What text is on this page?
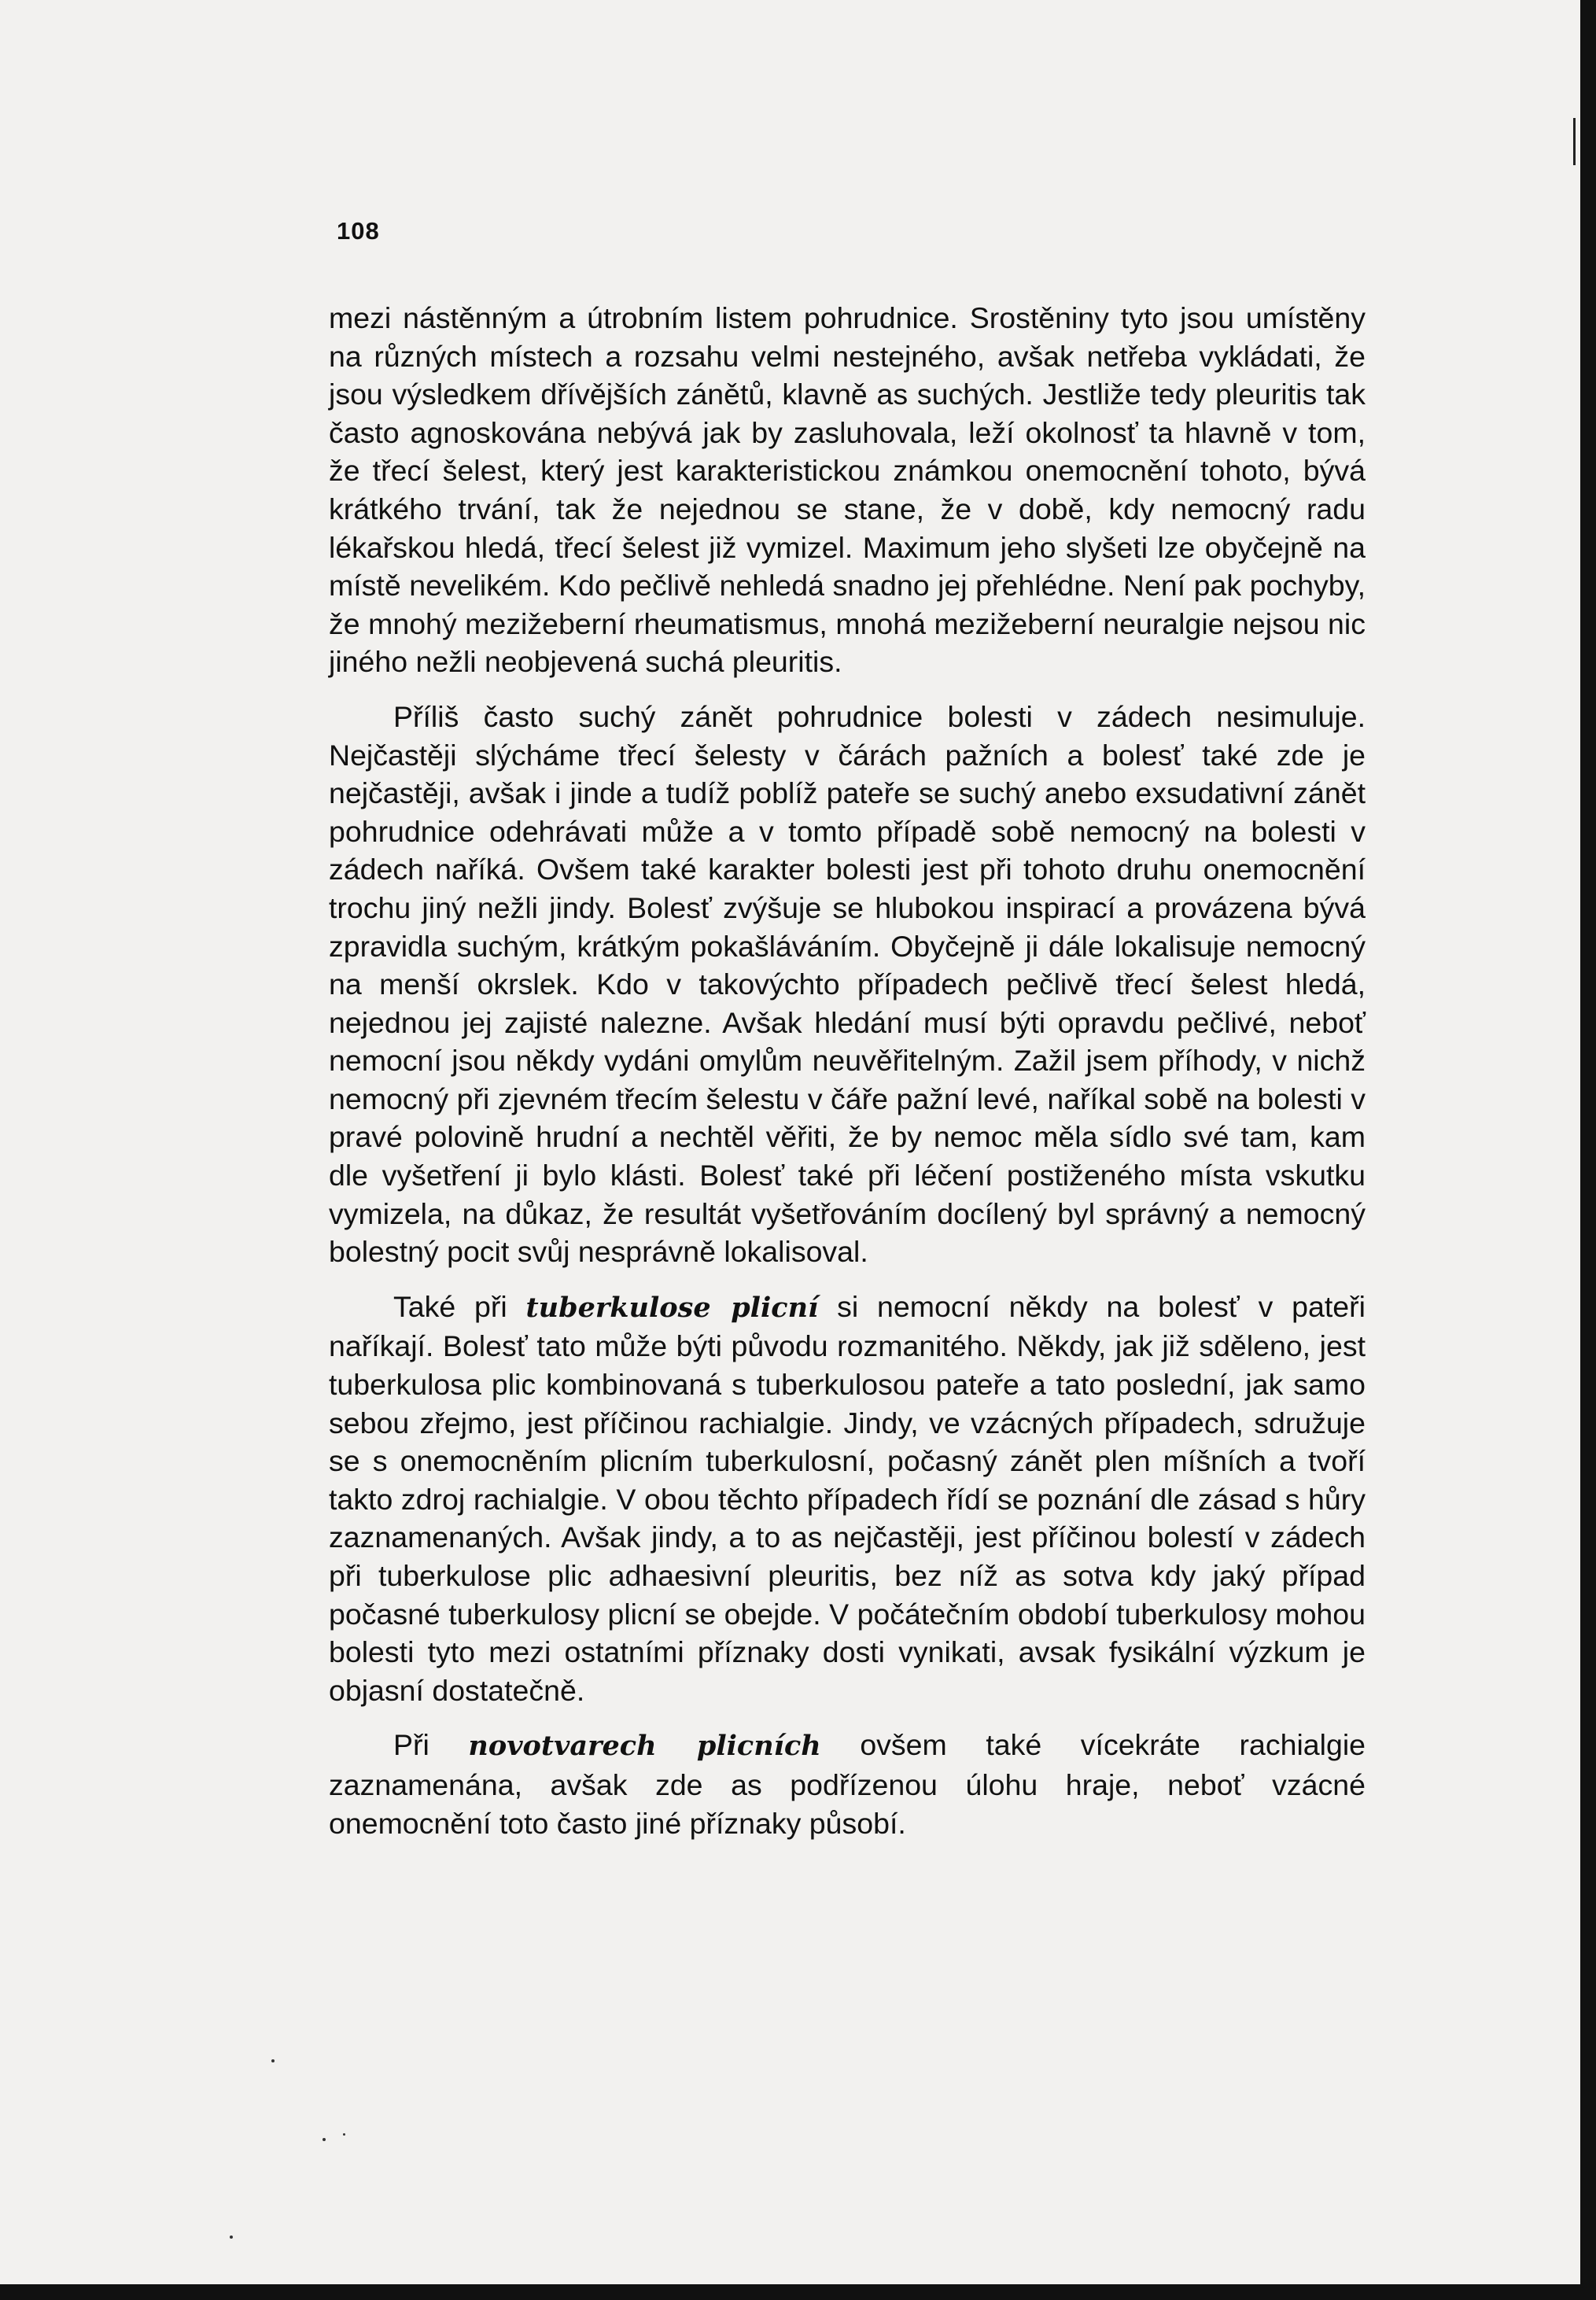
108

mezi nástěnným a útrobním listem pohrudnice. Srostěniny tyto jsou umístěny na různých místech a rozsahu velmi nestejného, avšak netřeba vykládati, že jsou výsledkem dřívějších zánětů, klavně as suchých. Jestliže tedy pleuritis tak často agnoskována nebývá jak by zasluhovala, leží okolnosť ta hlavně v tom, že třecí šelest, který jest karakteristickou známkou onemocnění tohoto, bývá krátkého trvání, tak že nejednou se stane, že v době, kdy nemocný radu lékařskou hledá, třecí šelest již vymizel. Maximum jeho slyšeti lze obyčejně na místě nevelikém. Kdo pečlivě nehledá snadno jej přehlédne. Není pak pochyby, že mnohý mezižeberní rheumatismus, mnohá mezižeberní neuralgie nejsou nic jiného nežli neobjevená suchá pleuritis.

Příliš často suchý zánět pohrudnice bolesti v zádech nesimuluje. Nejčastěji slýcháme třecí šelesty v čárách pažních a bolesť také zde je nejčastěji, avšak i jinde a tudíž poblíž pateře se suchý anebo exsudativní zánět pohrudnice odehrávati může a v tomto případě sobě nemocný na bolesti v zádech naříká. Ovšem také karakter bolesti jest při tohoto druhu onemocnění trochu jiný nežli jindy. Bolesť zvýšuje se hlubokou inspirací a provázena bývá zpravidla suchým, krátkým pokašláváním. Obyčejně ji dále lokalisuje nemocný na menší okrslek. Kdo v takovýchto případech pečlivě třecí šelest hledá, nejednou jej zajisté nalezne. Avšak hledání musí býti opravdu pečlivé, neboť nemocní jsou někdy vydáni omylům neuvěřitelným. Zažil jsem příhody, v nichž nemocný při zjevném třecím šelestu v čáře pažní levé, naříkal sobě na bolesti v pravé polovině hrudní a nechtěl věřiti, že by nemoc měla sídlo své tam, kam dle vyšetření ji bylo klásti. Bolesť také při léčení postiženého místa vskutku vymizela, na důkaz, že resultát vyšetřováním docílený byl správný a nemocný bolestný pocit svůj nesprávně lokalisoval.

Také při tuberkulose plicní si nemocní někdy na bolesť v pateři naříkají. Bolesť tato může býti původu rozmanitého. Někdy, jak již sděleno, jest tuberkulosa plic kombinovaná s tuberkulosou pateře a tato poslední, jak samo sebou zřejmo, jest příčinou rachialgie. Jindy, ve vzácných případech, sdružuje se s onemocněním plicním tuberkulosní, počasný zánět plen míšních a tvoří takto zdroj rachialgie. V obou těchto případech řídí se poznání dle zásad s hůry zaznamenaných. Avšak jindy, a to as nejčastěji, jest příčinou bolestí v zádech při tuberkulose plic adhaesivní pleuritis, bez níž as sotva kdy jaký případ počasné tuberkulosy plicní se obejde. V počátečním období tuberkulosy mohou bolesti tyto mezi ostatními příznaky dosti vynikati, avsak fysikální výzkum je objasní dostatečně.

Při novotvarech plicních ovšem také vícekráte rachialgie zaznamenána, avšak zde as podřízenou úlohu hraje, neboť vzácné onemocnění toto často jiné příznaky působí.
